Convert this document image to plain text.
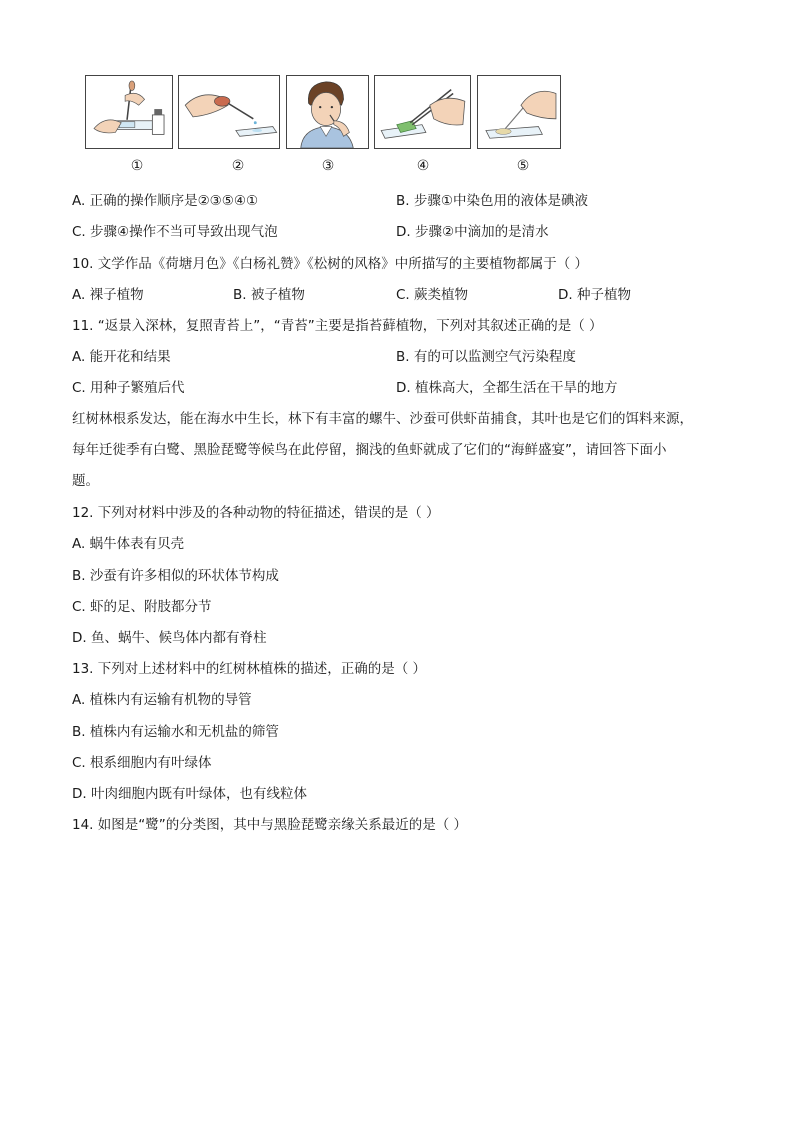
①	②	③	④	⑤
A. 正确的操作顺序是②③⑤④①	B. 步骤①中染色用的液体是碘液
C. 步骤④操作不当可导致出现气泡	D. 步骤②中滴加的是清水
10. 文学作品《荷塘月色》《白杨礼赞》《松树的风格》中所描写的主要植物都属于（ ）
A. 裸子植物	B. 被子植物	C. 蕨类植物	D. 种子植物
11. “返景入深林，复照青苔上”，“青苔”主要是指苔藓植物，下列对其叙述正确的是（ ）
A. 能开花和结果	B. 有的可以监测空气污染程度
C. 用种子繁殖后代	D. 植株高大，全都生活在干旱的地方
红树林根系发达，能在海水中生长，林下有丰富的螺牛、沙蚕可供虾苗捕食，其叶也是它们的饵料来源，
每年迁徙季有白鹭、黑脸琵鹭等候鸟在此停留，搁浅的鱼虾就成了它们的“海鲜盛宴”，请回答下面小
题。
12. 下列对材料中涉及的各种动物的特征描述，错误的是（ ）
A. 蜗牛体表有贝壳
B. 沙蚕有许多相似的环状体节构成
C. 虾的足、附肢都分节
D. 鱼、蜗牛、候鸟体内都有脊柱
13. 下列对上述材料中的红树林植株的描述，正确的是（ ）
A. 植株内有运输有机物的导管
B. 植株内有运输水和无机盐的筛管
C. 根系细胞内有叶绿体
D. 叶肉细胞内既有叶绿体，也有线粒体
14. 如图是“鹭”的分类图，其中与黑脸琵鹭亲缘关系最近的是（ ）
